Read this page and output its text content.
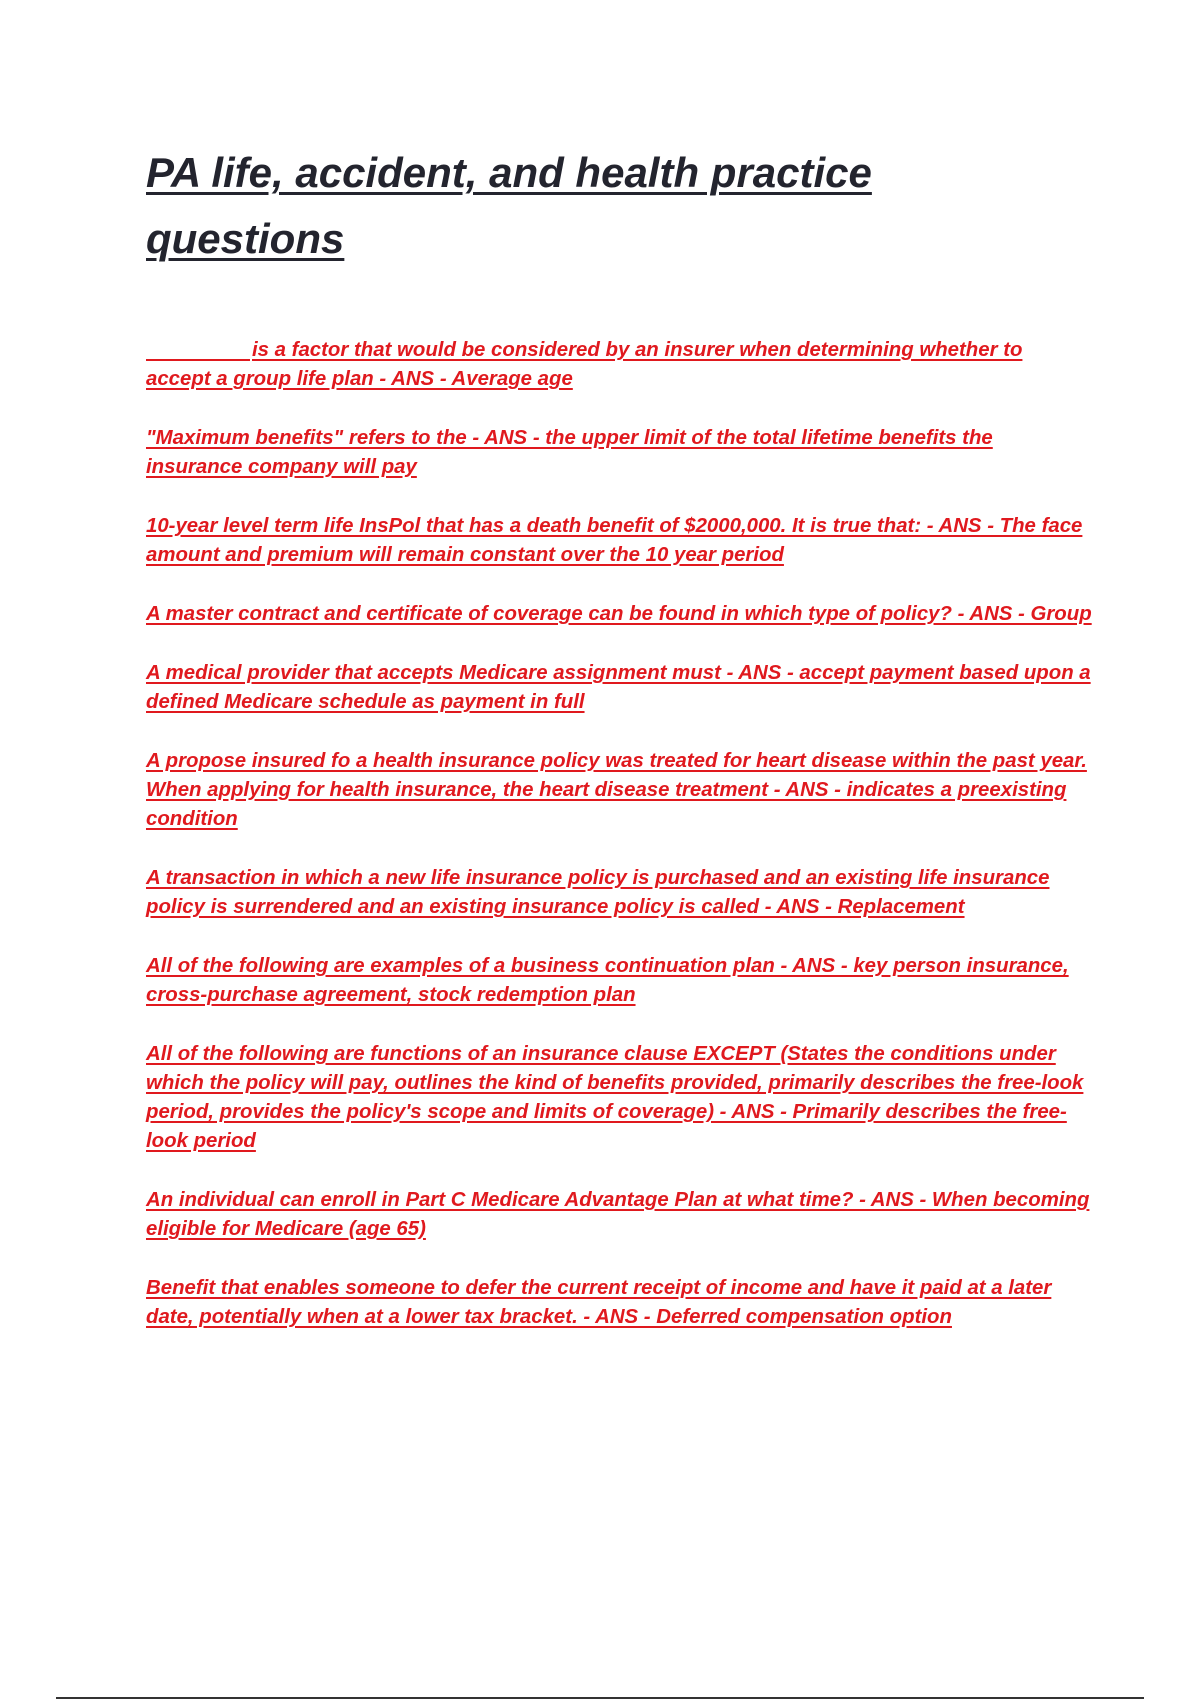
PA life, accident, and health practice questions

is a factor that would be considered by an insurer when determining whether to accept a group life plan - ANS - Average age

"Maximum benefits" refers to the - ANS - the upper limit of the total lifetime benefits the insurance company will pay

10-year level term life InsPol that has a death benefit of $2000,000. It is true that: - ANS - The face amount and premium will remain constant over the 10 year period

A master contract and certificate of coverage can be found in which type of policy? - ANS - Group

A medical provider that accepts Medicare assignment must - ANS - accept payment based upon a defined Medicare schedule as payment in full

A propose insured fo a health insurance policy was treated for heart disease within the past year. When applying for health insurance, the heart disease treatment - ANS - indicates a preexisting condition

A transaction in which a new life insurance policy is purchased and an existing life insurance policy is surrendered and an existing insurance policy is called - ANS - Replacement

All of the following are examples of a business continuation plan - ANS - key person insurance, cross-purchase agreement, stock redemption plan

All of the following are functions of an insurance clause EXCEPT (States the conditions under which the policy will pay, outlines the kind of benefits provided, primarily describes the free-look period, provides the policy's scope and limits of coverage) - ANS - Primarily describes the free-look period

An individual can enroll in Part C Medicare Advantage Plan at what time? - ANS - When becoming eligible for Medicare (age 65)

Benefit that enables someone to defer the current receipt of income and have it paid at a later date, potentially when at a lower tax bracket. - ANS - Deferred compensation option
